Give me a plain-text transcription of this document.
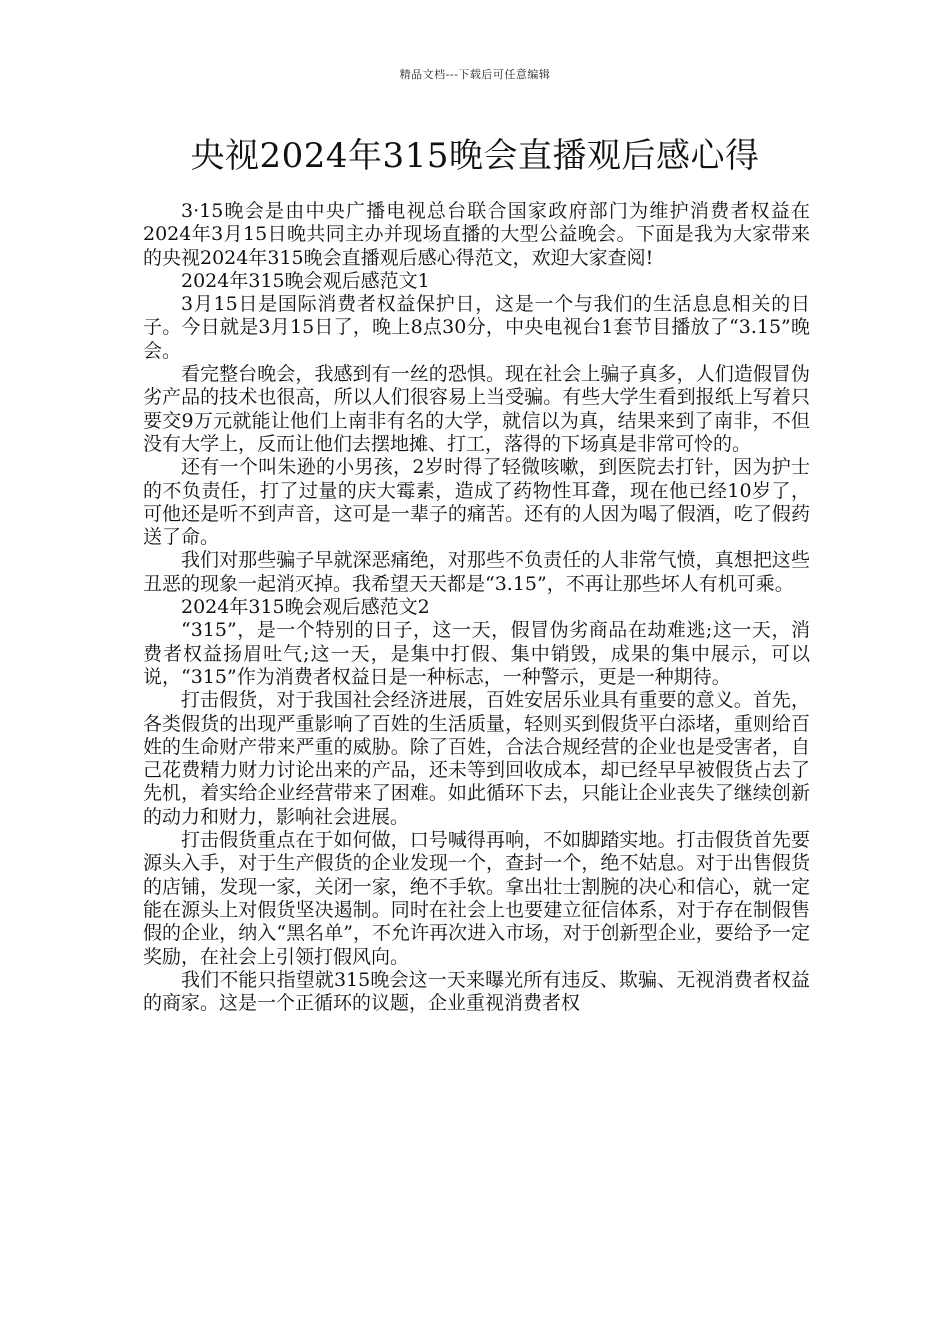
精品文档---下载后可任意编辑
央视2024年315晚会直播观后感心得

3·15晚会是由中央广播电视总台联合国家政府部门为维护消费者权益在2024年3月15日晚共同主办并现场直播的大型公益晚会。下面是我为大家带来的央视2024年315晚会直播观后感心得范文，欢迎大家查阅!

2024年315晚会观后感范文1

3月15日是国际消费者权益保护日，这是一个与我们的生活息息相关的日子。今日就是3月15日了，晚上8点30分，中央电视台1套节目播放了“3.15”晚会。

看完整台晚会，我感到有一丝的恐惧。现在社会上骗子真多，人们造假冒伪劣产品的技术也很高，所以人们很容易上当受骗。有些大学生看到报纸上写着只要交9万元就能让他们上南非有名的大学，就信以为真，结果来到了南非，不但没有大学上，反而让他们去摆地摊、打工，落得的下场真是非常可怜的。

还有一个叫朱逊的小男孩，2岁时得了轻微咳嗽，到医院去打针，因为护士的不负责任，打了过量的庆大霉素，造成了药物性耳聋，现在他已经10岁了，可他还是听不到声音，这可是一辈子的痛苦。还有的人因为喝了假酒，吃了假药送了命。

我们对那些骗子早就深恶痛绝，对那些不负责任的人非常气愤，真想把这些丑恶的现象一起消灭掉。我希望天天都是“3.15”，不再让那些坏人有机可乘。

2024年315晚会观后感范文2

“315”，是一个特别的日子，这一天，假冒伪劣商品在劫难逃;这一天，消费者权益扬眉吐气;这一天，是集中打假、集中销毁，成果的集中展示，可以说，“315”作为消费者权益日是一种标志，一种警示，更是一种期待。

打击假货，对于我国社会经济进展，百姓安居乐业具有重要的意义。首先，各类假货的出现严重影响了百姓的生活质量，轻则买到假货平白添堵，重则给百姓的生命财产带来严重的威胁。除了百姓，合法合规经营的企业也是受害者，自己花费精力财力讨论出来的产品，还未等到回收成本，却已经早早被假货占去了先机，着实给企业经营带来了困难。如此循环下去，只能让企业丧失了继续创新的动力和财力，影响社会进展。

打击假货重点在于如何做，口号喊得再响，不如脚踏实地。打击假货首先要源头入手，对于生产假货的企业发现一个，查封一个，绝不姑息。对于出售假货的店铺，发现一家，关闭一家，绝不手软。拿出壮士割腕的决心和信心，就一定能在源头上对假货坚决遏制。同时在社会上也要建立征信体系，对于存在制假售假的企业，纳入“黑名单”，不允许再次进入市场，对于创新型企业，要给予一定奖励，在社会上引领打假风向。

我们不能只指望就315晚会这一天来曝光所有违反、欺骗、无视消费者权益的商家。这是一个正循环的议题，企业重视消费者权
